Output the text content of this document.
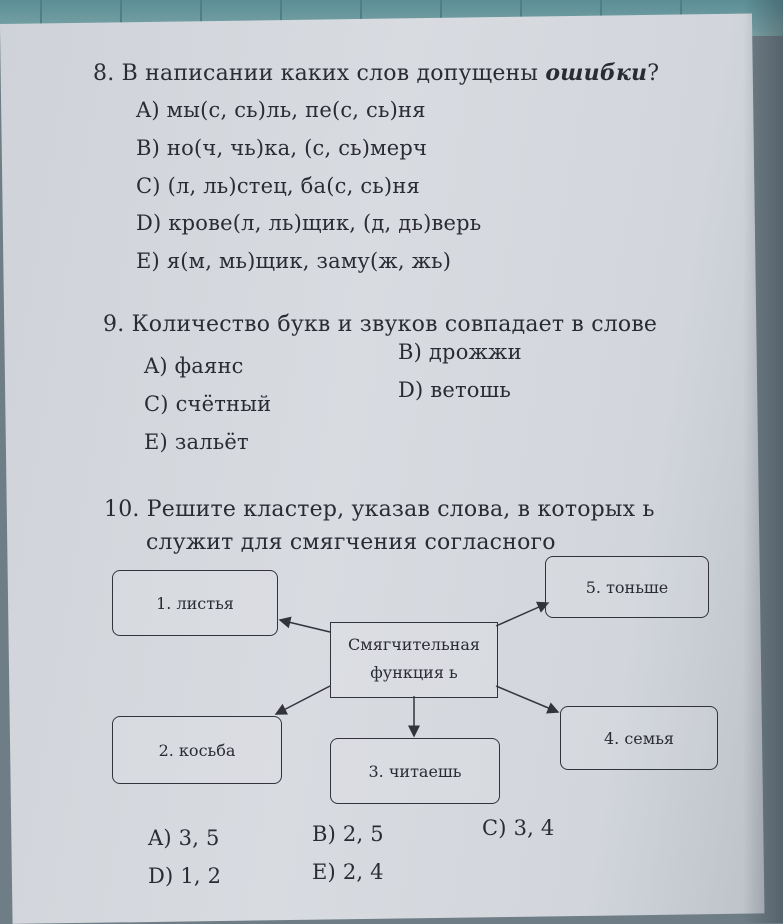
8. В написании каких слов допущены ошибки?
A) мы(с, сь)ль, пе(с, сь)ня
B) но(ч, чь)ка, (с, сь)мерч
C) (л, ль)стец, ба(с, сь)ня
D) крове(л, ль)щик, (д, дь)верь
E) я(м, мь)щик, заму(ж, жь)
9. Количество букв и звуков совпадает в слове
A) фаянс
B) дрожжи
C) счётный
D) ветошь
E) зальёт
10. Решите кластер, указав слова, в которых ь
служит для смягчения согласного
Смягчительная
функция ь
1. листья
2. косьба
3. читаешь
4. семья
5. тоньше
A) 3, 5	B) 2, 5	C) 3, 4
D) 1, 2	E) 2, 4
